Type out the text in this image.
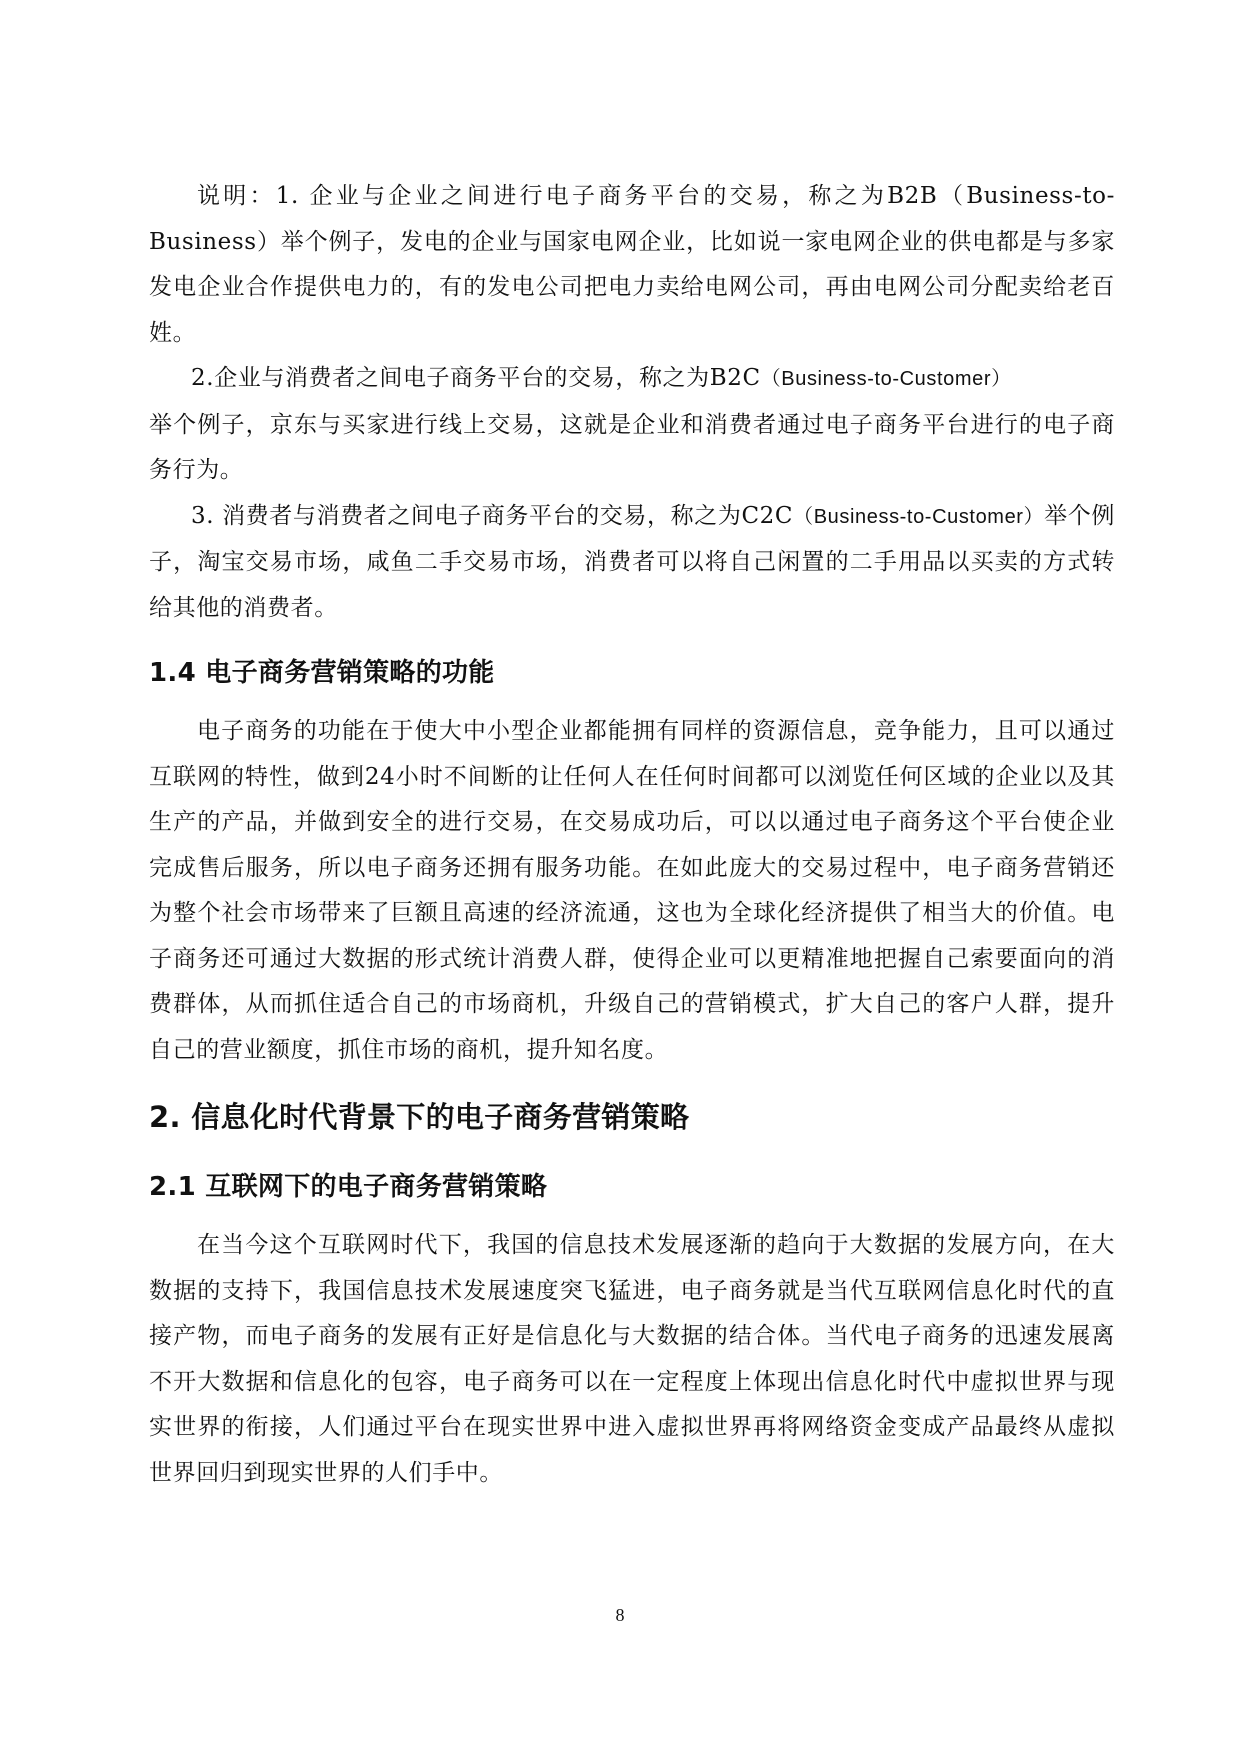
说明：1. 企业与企业之间进行电子商务平台的交易，称之为B2B（Business-to-Business）举个例子，发电的企业与国家电网企业，比如说一家电网企业的供电都是与多家发电企业合作提供电力的，有的发电公司把电力卖给电网公司，再由电网公司分配卖给老百姓。

2.企业与消费者之间电子商务平台的交易，称之为B2C（Business-to-Customer）
举个例子，京东与买家进行线上交易，这就是企业和消费者通过电子商务平台进行的电子商务行为。

3. 消费者与消费者之间电子商务平台的交易，称之为C2C（Business-to-Customer）举个例子，淘宝交易市场，咸鱼二手交易市场，消费者可以将自己闲置的二手用品以买卖的方式转给其他的消费者。

1.4 电子商务营销策略的功能

电子商务的功能在于使大中小型企业都能拥有同样的资源信息，竞争能力，且可以通过互联网的特性，做到24小时不间断的让任何人在任何时间都可以浏览任何区域的企业以及其生产的产品，并做到安全的进行交易，在交易成功后，可以以通过电子商务这个平台使企业完成售后服务，所以电子商务还拥有服务功能。在如此庞大的交易过程中，电子商务营销还为整个社会市场带来了巨额且高速的经济流通，这也为全球化经济提供了相当大的价值。电子商务还可通过大数据的形式统计消费人群，使得企业可以更精准地把握自己索要面向的消费群体，从而抓住适合自己的市场商机，升级自己的营销模式，扩大自己的客户人群，提升自己的营业额度，抓住市场的商机，提升知名度。

2. 信息化时代背景下的电子商务营销策略
2.1 互联网下的电子商务营销策略

在当今这个互联网时代下，我国的信息技术发展逐渐的趋向于大数据的发展方向，在大数据的支持下，我国信息技术发展速度突飞猛进，电子商务就是当代互联网信息化时代的直接产物，而电子商务的发展有正好是信息化与大数据的结合体。当代电子商务的迅速发展离不开大数据和信息化的包容，电子商务可以在一定程度上体现出信息化时代中虚拟世界与现实世界的衔接，人们通过平台在现实世界中进入虚拟世界再将网络资金变成产品最终从虚拟世界回归到现实世界的人们手中。

8
